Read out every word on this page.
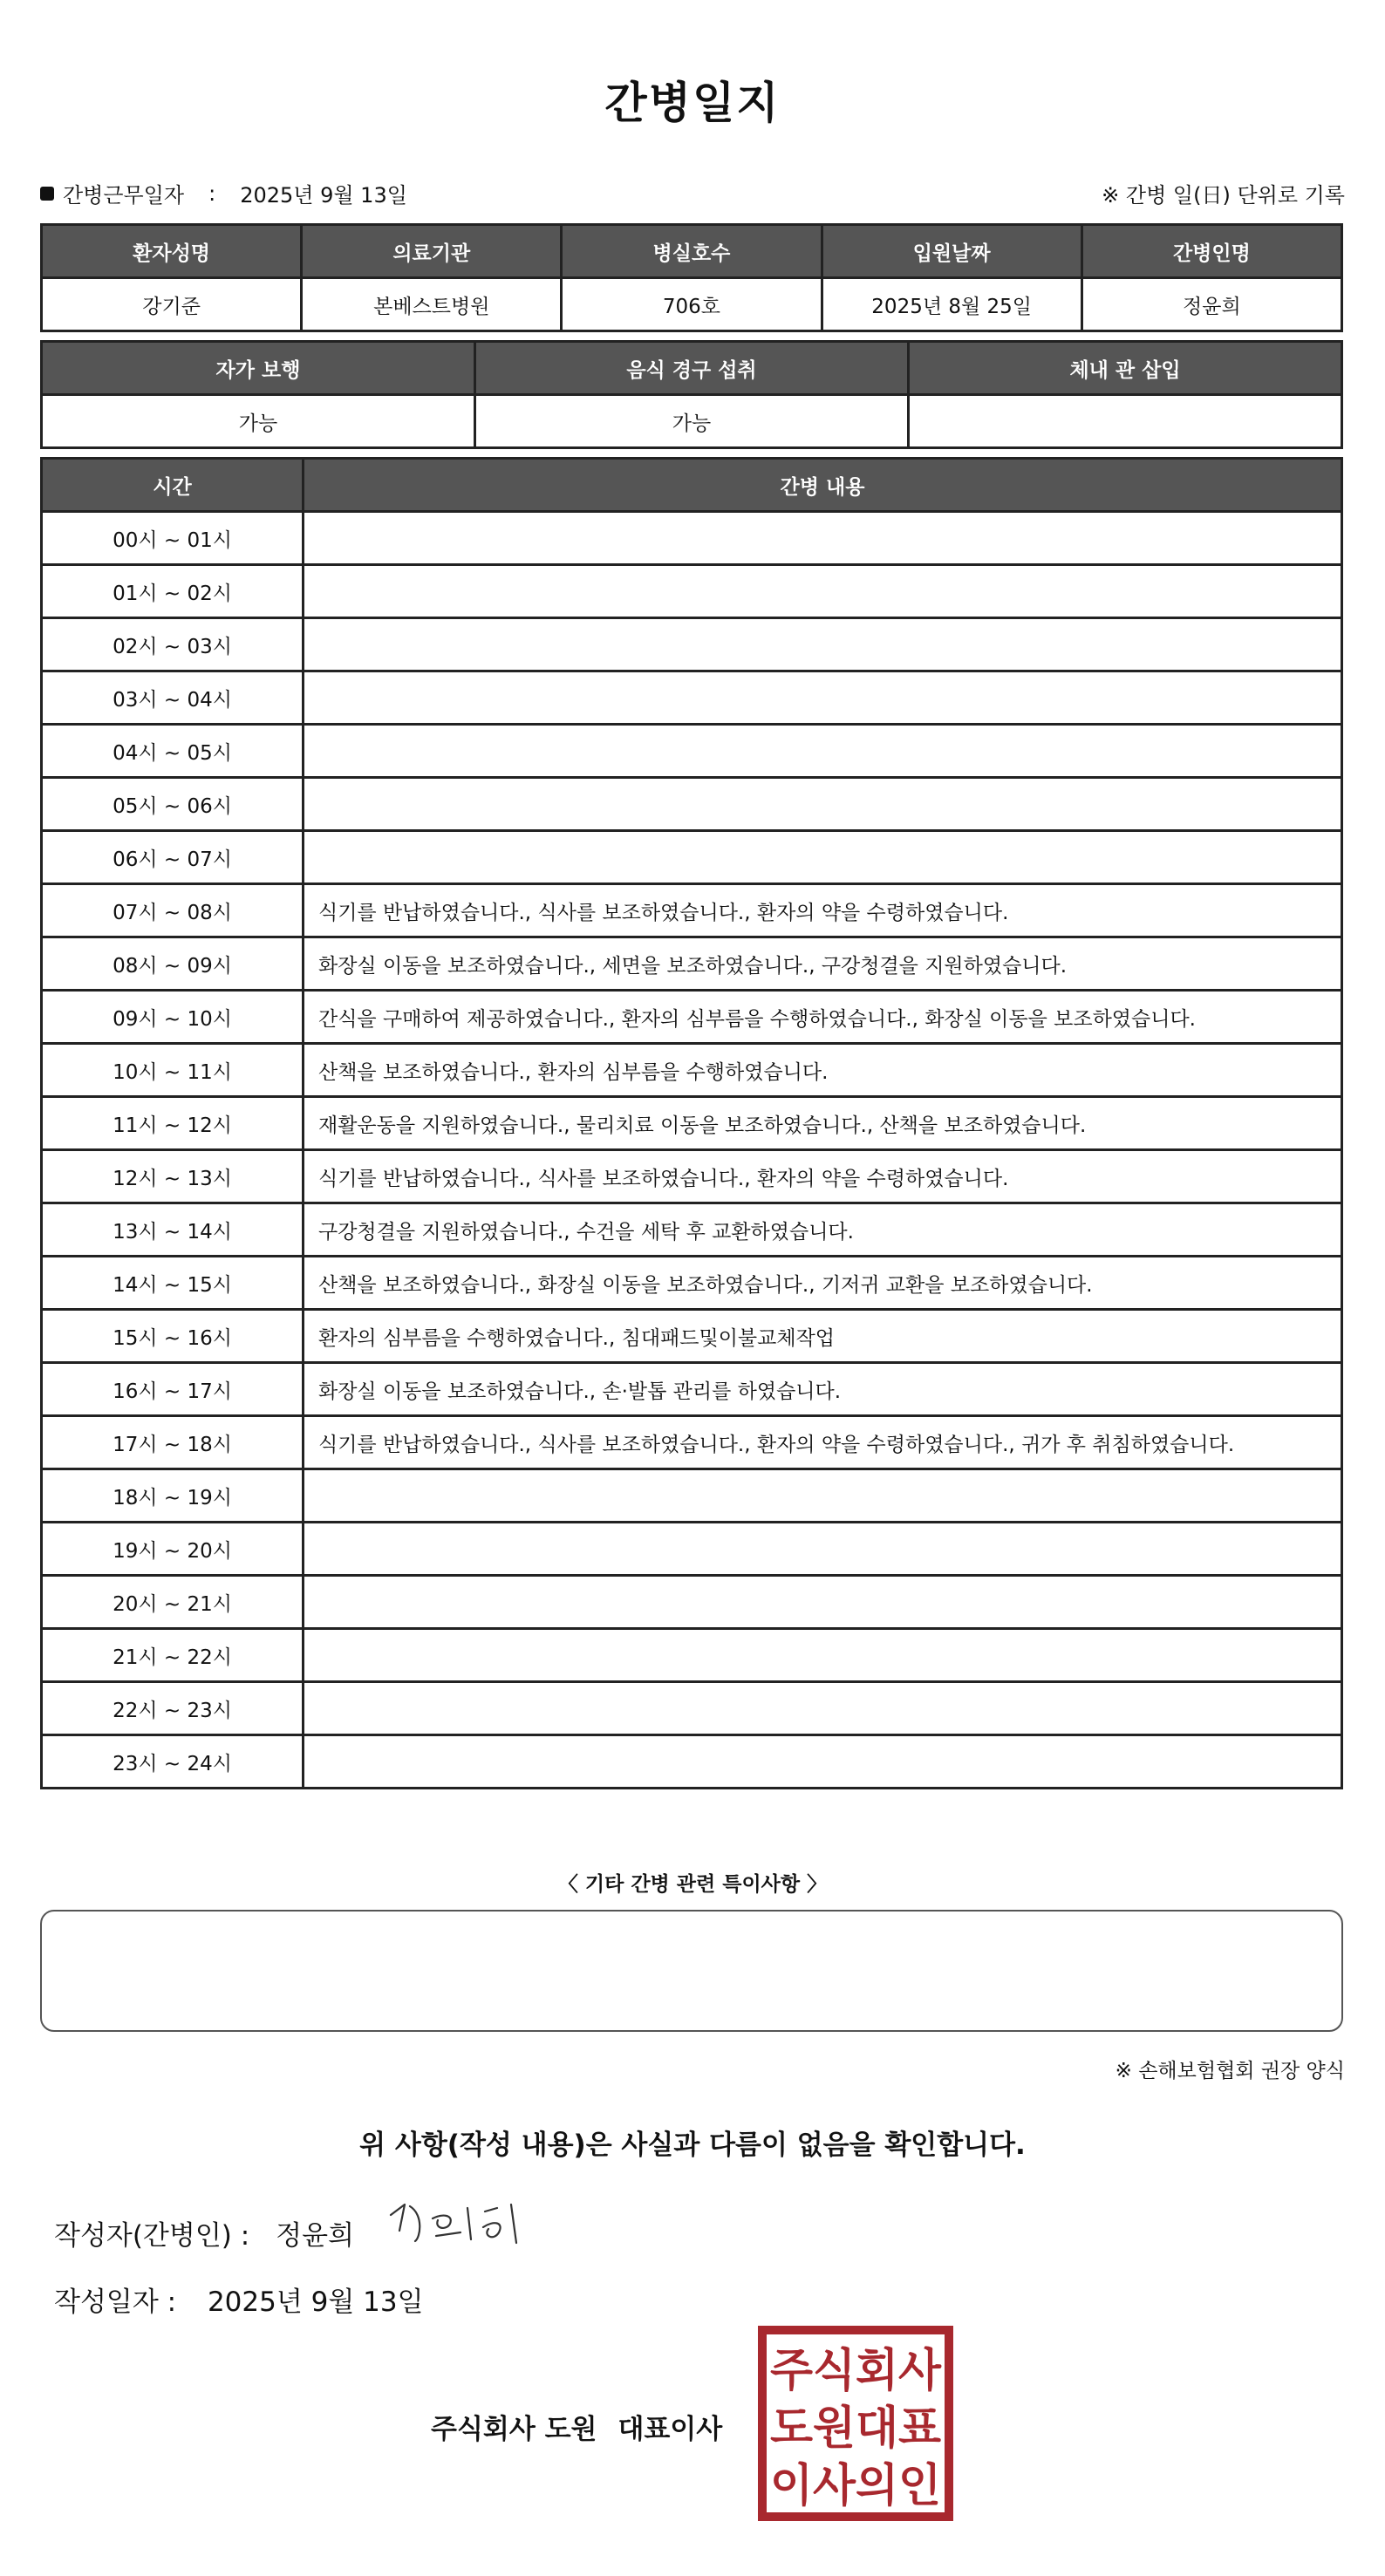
간병일지
간병근무일자 : 2025년 9월 13일	※ 간병 일(日) 단위로 기록
환자성명	의료기관	병실호수	입원날짜	간병인명
강기준	본베스트병원	706호	2025년 8월 25일	정윤희
자가 보행	음식 경구 섭취	체내 관 삽입
가능	가능	
시간	간병 내용
00시 ~ 01시	
01시 ~ 02시	
02시 ~ 03시	
03시 ~ 04시	
04시 ~ 05시	
05시 ~ 06시	
06시 ~ 07시	
07시 ~ 08시	식기를 반납하였습니다., 식사를 보조하였습니다., 환자의 약을 수령하였습니다.
08시 ~ 09시	화장실 이동을 보조하였습니다., 세면을 보조하였습니다., 구강청결을 지원하였습니다.
09시 ~ 10시	간식을 구매하여 제공하였습니다., 환자의 심부름을 수행하였습니다., 화장실 이동을 보조하였습니다.
10시 ~ 11시	산책을 보조하였습니다., 환자의 심부름을 수행하였습니다.
11시 ~ 12시	재활운동을 지원하였습니다., 물리치료 이동을 보조하였습니다., 산책을 보조하였습니다.
12시 ~ 13시	식기를 반납하였습니다., 식사를 보조하였습니다., 환자의 약을 수령하였습니다.
13시 ~ 14시	구강청결을 지원하였습니다., 수건을 세탁 후 교환하였습니다.
14시 ~ 15시	산책을 보조하였습니다., 화장실 이동을 보조하였습니다., 기저귀 교환을 보조하였습니다.
15시 ~ 16시	환자의 심부름을 수행하였습니다., 침대패드및이불교체작업
16시 ~ 17시	화장실 이동을 보조하였습니다., 손·발톱 관리를 하였습니다.
17시 ~ 18시	식기를 반납하였습니다., 식사를 보조하였습니다., 환자의 약을 수령하였습니다., 귀가 후 취침하였습니다.
18시 ~ 19시	
19시 ~ 20시	
20시 ~ 21시	
21시 ~ 22시	
22시 ~ 23시	
23시 ~ 24시	
〈 기타 간병 관련 특이사항 〉
※ 손해보험협회 권장 양식
위 사항(작성 내용)은 사실과 다름이 없음을 확인합니다.
작성자(간병인) : 정윤희
작성일자 : 2025년 9월 13일
주식회사 도원 대표이사
주식회사
도원대표
이사의인
